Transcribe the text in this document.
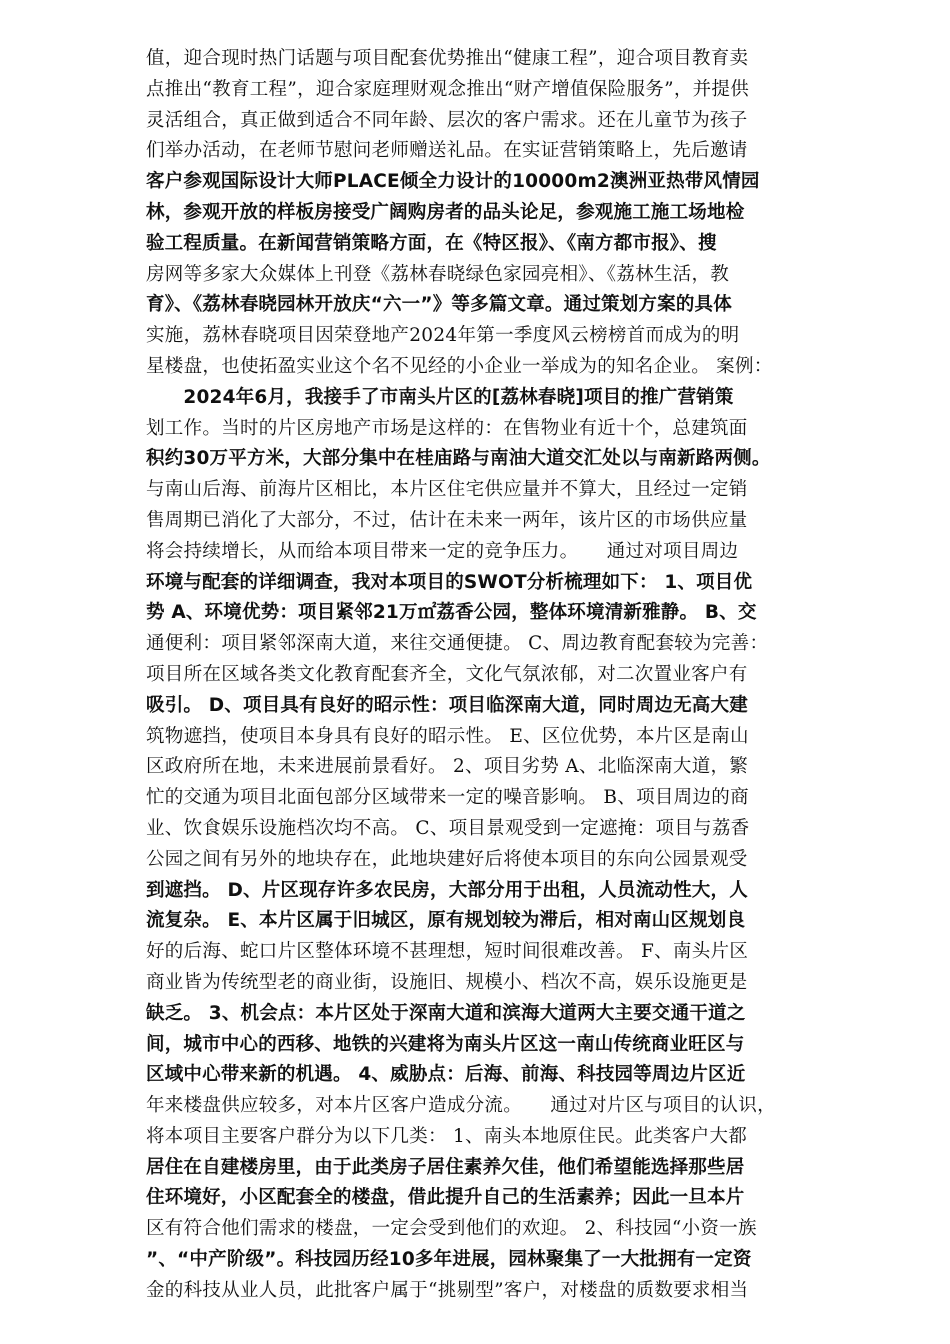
值，迎合现时热门话题与项目配套优势推出“健康工程”，迎合项目教育卖
点推出“教育工程”，迎合家庭理财观念推出“财产增值保险服务”，并提供
灵活组合，真正做到适合不同年龄、层次的客户需求。还在儿童节为孩子
们举办活动，在老师节慰问老师赠送礼品。在实证营销策略上，先后邀请
客户参观国际设计大师PLACE倾全力设计的10000m2澳洲亚热带风情园
林，参观开放的样板房接受广阔购房者的品头论足，参观施工施工场地检
验工程质量。在新闻营销策略方面，在《特区报》、《南方都市报》、搜
房网等多家大众媒体上刊登《荔林春晓绿色家园亮相》、《荔林生活，教
育》、《荔林春晓园林开放庆“六一”》等多篇文章。通过策划方案的具体
实施，荔林春晓项目因荣登地产2024年第一季度风云榜榜首而成为的明
星楼盘，也使拓盈实业这个名不见经的小企业一举成为的知名企业。 案例：
　　2024年6月，我接手了市南头片区的[荔林春晓]项目的推广营销策
划工作。当时的片区房地产市场是这样的：在售物业有近十个，总建筑面
积约30万平方米，大部分集中在桂庙路与南油大道交汇处以与南新路两侧。
与南山后海、前海片区相比，本片区住宅供应量并不算大，且经过一定销
售周期已消化了大部分，不过，估计在未来一两年，该片区的市场供应量
将会持续增长，从而给本项目带来一定的竞争压力。　　通过对项目周边
环境与配套的详细调查，我对本项目的SWOT分析梳理如下： 1、项目优
势 A、环境优势：项目紧邻21万㎡荔香公园，整体环境清新雅静。 B、交
通便利：项目紧邻深南大道，来往交通便捷。 C、周边教育配套较为完善：
项目所在区域各类文化教育配套齐全，文化气氛浓郁，对二次置业客户有
吸引。 D、项目具有良好的昭示性：项目临深南大道，同时周边无高大建
筑物遮挡，使项目本身具有良好的昭示性。 E、区位优势，本片区是南山
区政府所在地，未来进展前景看好。 2、项目劣势 A、北临深南大道，繁
忙的交通为项目北面包部分区域带来一定的噪音影响。 B、项目周边的商
业、饮食娱乐设施档次均不高。 C、项目景观受到一定遮掩：项目与荔香
公园之间有另外的地块存在，此地块建好后将使本项目的东向公园景观受
到遮挡。 D、片区现存许多农民房，大部分用于出租，人员流动性大，人
流复杂。 E、本片区属于旧城区，原有规划较为滞后，相对南山区规划良
好的后海、蛇口片区整体环境不甚理想，短时间很难改善。 F、南头片区
商业皆为传统型老的商业街，设施旧、规模小、档次不高，娱乐设施更是
缺乏。 3、机会点：本片区处于深南大道和滨海大道两大主要交通干道之
间，城市中心的西移、地铁的兴建将为南头片区这一南山传统商业旺区与
区域中心带来新的机遇。 4、威胁点：后海、前海、科技园等周边片区近
年来楼盘供应较多，对本片区客户造成分流。　　通过对片区与项目的认识，
将本项目主要客户群分为以下几类： 1、南头本地原住民。此类客户大都
居住在自建楼房里，由于此类房子居住素养欠佳，他们希望能选择那些居
住环境好，小区配套全的楼盘，借此提升自己的生活素养；因此一旦本片
区有符合他们需求的楼盘，一定会受到他们的欢迎。 2、科技园“小资一族
”、“中产阶级”。科技园历经10多年进展，园林聚集了一大批拥有一定资
金的科技从业人员，此批客户属于“挑剔型”客户，对楼盘的质数要求相当
